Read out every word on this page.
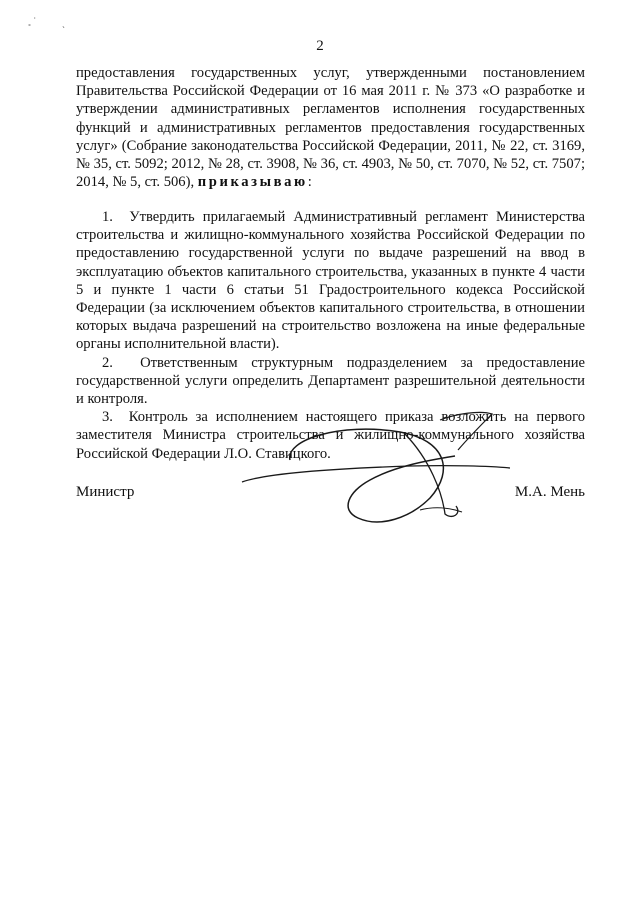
˳ ˙	ˎ
2

предоставления государственных услуг, утвержденными постановлением Правительства Российской Федерации от 16 мая 2011 г. № 373 «О разработке и утверждении административных регламентов исполнения государственных функций и административных регламентов предоставления государственных услуг» (Собрание законодательства Российской Федерации, 2011, № 22, ст. 3169, № 35, ст. 5092; 2012, № 28, ст. 3908, № 36, ст. 4903, № 50, ст. 7070, № 52, ст. 7507; 2014, № 5, ст. 506), приказываю:

1. Утвердить прилагаемый Административный регламент Министерства строительства и жилищно-коммунального хозяйства Российской Федерации по предоставлению государственной услуги по выдаче разрешений на ввод в эксплуатацию объектов капитального строительства, указанных в пункте 4 части 5 и пункте 1 части 6 статьи 51 Градостроительного кодекса Российской Федерации (за исключением объектов капитального строительства, в отношении которых выдача разрешений на строительство возложена на иные федеральные органы исполнительной власти).

2. Ответственным структурным подразделением за предоставление государственной услуги определить Департамент разрешительной деятельности и контроля.

3. Контроль за исполнением настоящего приказа возложить на первого заместителя Министра строительства и жилищно-коммунального хозяйства Российской Федерации Л.О. Ставицкого.

Министр	М.А. Мень
